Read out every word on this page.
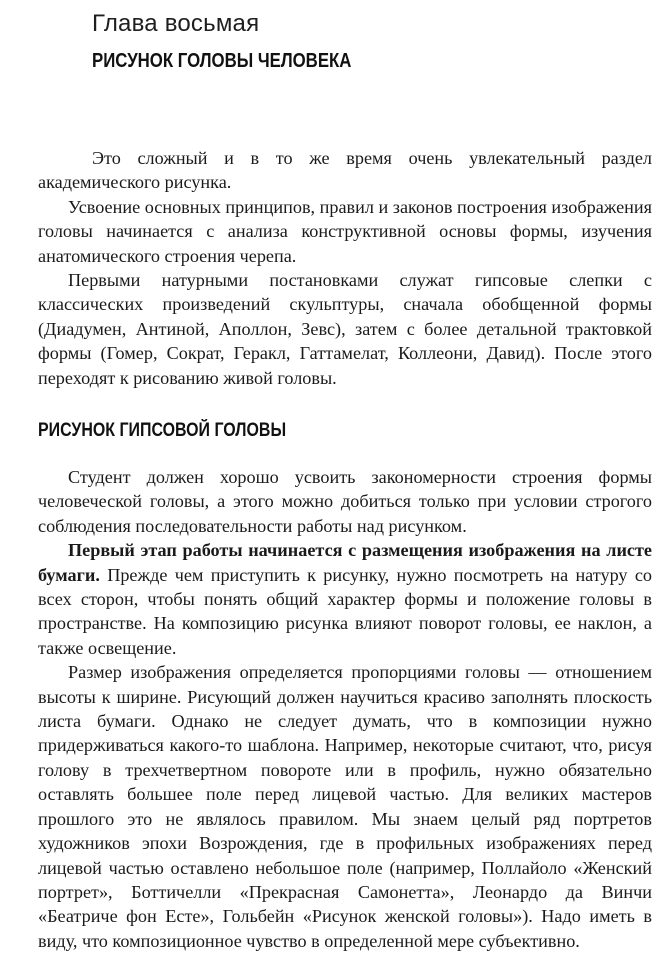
Глава восьмая
РИСУНОК ГОЛОВЫ ЧЕЛОВЕКА

Это сложный и в то же время очень увлекательный раздел академического рисунка.

Усвоение основных принципов, правил и законов построения изображения головы начинается с анализа конструктивной основы формы, изучения анатомического строения черепа.

Первыми натурными постановками служат гипсовые слепки с классических произведений скульптуры, сначала обобщенной формы (Диадумен, Антиной, Аполлон, Зевс), затем с более детальной трактовкой формы (Гомер, Сократ, Геракл, Гаттамелат, Коллеони, Давид). После этого переходят к рисованию живой головы.

РИСУНОК ГИПСОВОЙ ГОЛОВЫ

Студент должен хорошо усвоить закономерности строения формы человеческой головы, а этого можно добиться только при условии строгого соблюдения последовательности работы над рисунком.

Первый этап работы начинается с размещения изображения на листе бумаги. Прежде чем приступить к рисунку, нужно посмотреть на натуру со всех сторон, чтобы понять общий характер формы и положение головы в пространстве. На композицию рисунка влияют поворот головы, ее наклон, а также освещение.

Размер изображения определяется пропорциями головы — отношением высоты к ширине. Рисующий должен научиться красиво заполнять плоскость листа бумаги. Однако не следует думать, что в композиции нужно придерживаться какого-то шаблона. Например, некоторые считают, что, рисуя голову в трехчетвертном повороте или в профиль, нужно обязательно оставлять большее поле перед лицевой частью. Для великих мастеров прошлого это не являлось правилом. Мы знаем целый ряд портретов художников эпохи Возрождения, где в профильных изображениях перед лицевой частью оставлено небольшое поле (например, Поллайоло «Женский портрет», Боттичелли «Прекрасная Самонетта», Леонардо да Винчи «Беатриче фон Есте», Гольбейн «Рисунок женской головы»). Надо иметь в виду, что композиционное чувство в определенной мере субъективно.
